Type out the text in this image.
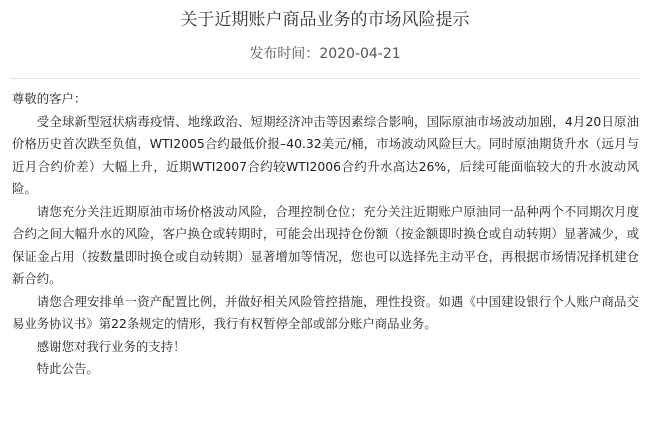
关于近期账户商品业务的市场风险提示
发布时间：2020-04-21

尊敬的客户：

受全球新型冠状病毒疫情、地缘政治、短期经济冲击等因素综合影响，国际原油市场波动加剧，4月20日原油价格历史首次跌至负值，WTI2005合约最低价报–40.32美元/桶，市场波动风险巨大。同时原油期货升水（远月与近月合约价差）大幅上升，近期WTI2007合约较WTI2006合约升水高达26%，后续可能面临较大的升水波动风险。

请您充分关注近期原油市场价格波动风险，合理控制仓位；充分关注近期账户原油同一品种两个不同期次月度合约之间大幅升水的风险，客户换仓或转期时，可能会出现持仓份额（按金额即时换仓或自动转期）显著减少，或保证金占用（按数量即时换仓或自动转期）显著增加等情况，您也可以选择先主动平仓，再根据市场情况择机建仓新合约。

请您合理安排单一资产配置比例，并做好相关风险管控措施，理性投资。如遇《中国建设银行个人账户商品交易业务协议书》第22条规定的情形，我行有权暂停全部或部分账户商品业务。

感谢您对我行业务的支持！

特此公告。
